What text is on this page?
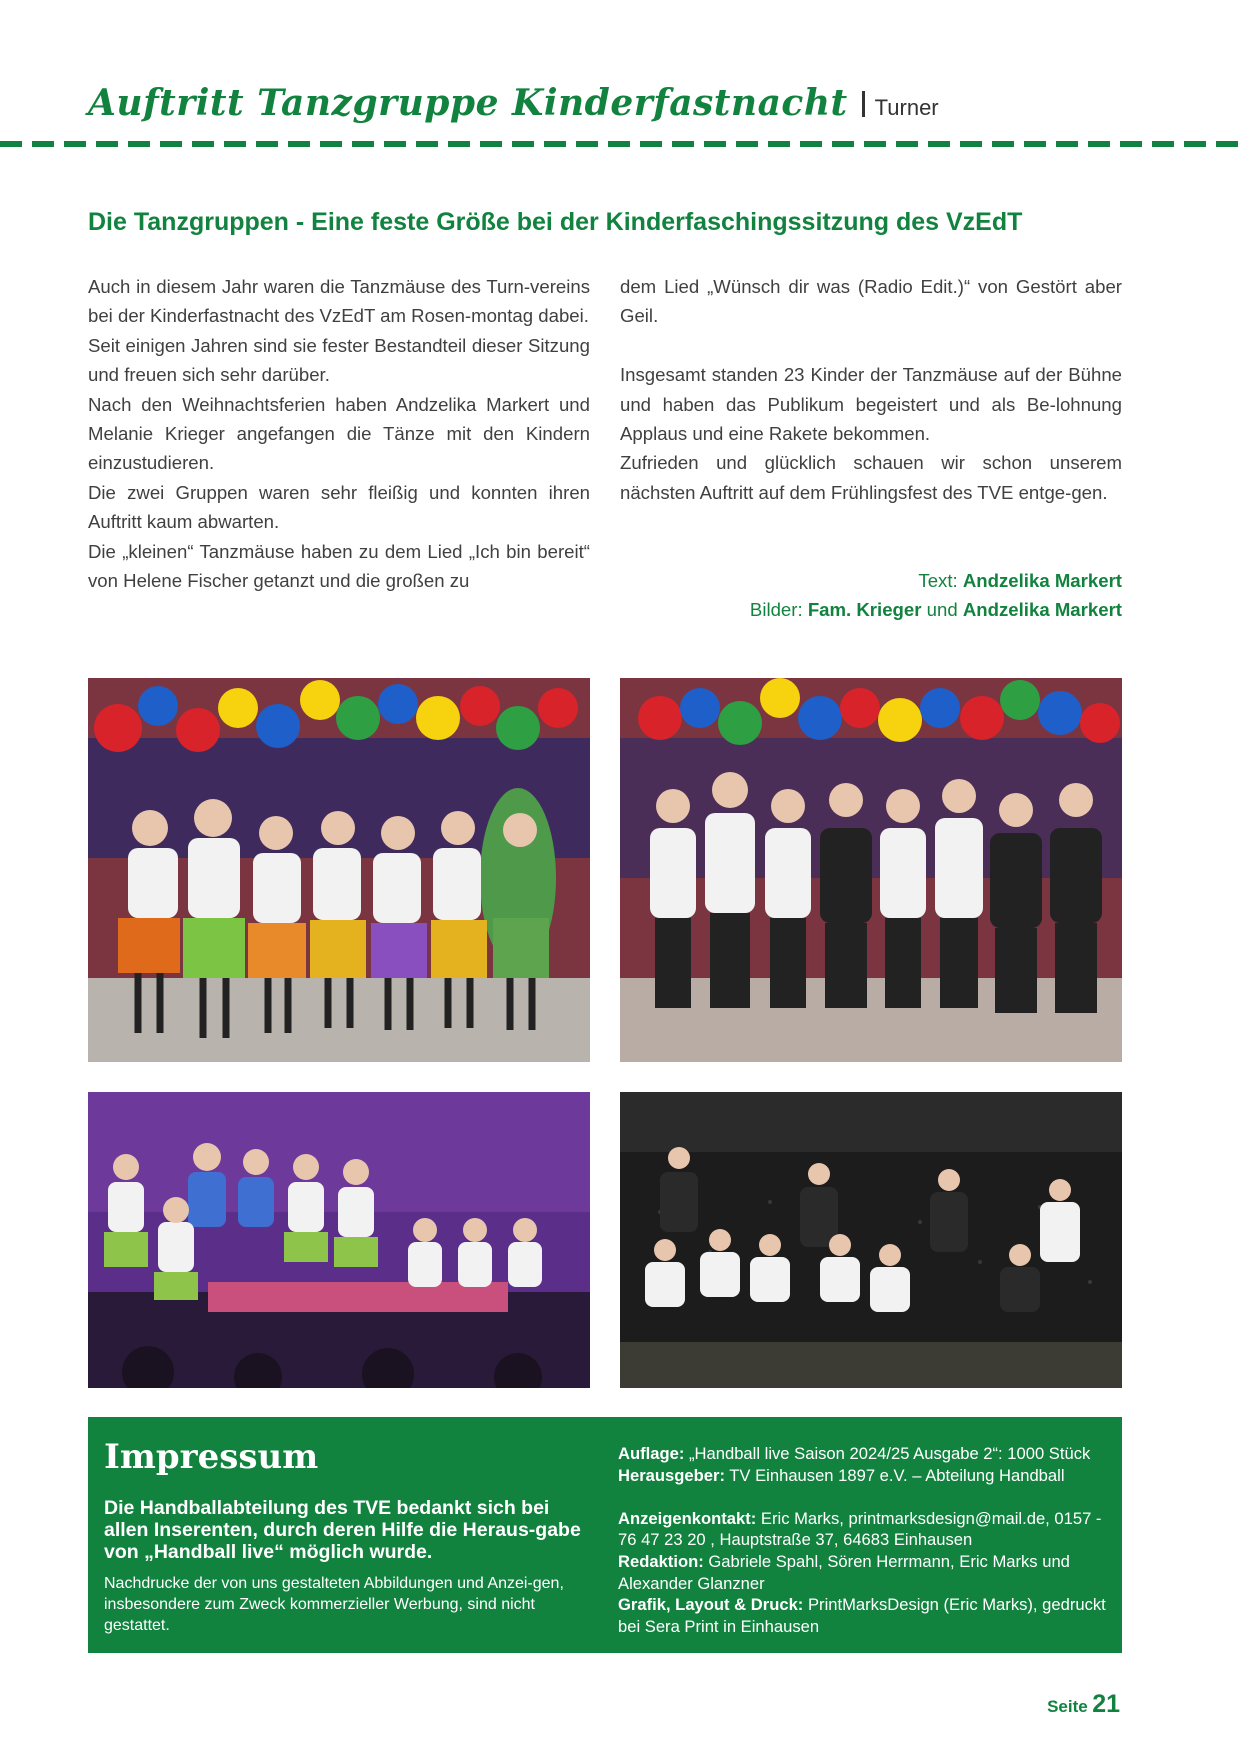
Auftritt Tanzgruppe Kinderfastnacht Turner
Die Tanzgruppen - Eine feste Größe bei der Kinderfaschingssitzung des VzEdT

Auch in diesem Jahr waren die Tanzmäuse des Turn-vereins bei der Kinderfastnacht des VzEdT am Rosen-montag dabei.

Seit einigen Jahren sind sie fester Bestandteil dieser Sitzung und freuen sich sehr darüber.

Nach den Weihnachtsferien haben Andzelika Markert und Melanie Krieger angefangen die Tänze mit den Kindern einzustudieren.

Die zwei Gruppen waren sehr fleißig und konnten ihren Auftritt kaum abwarten.

Die „kleinen“ Tanzmäuse haben zu dem Lied „Ich bin bereit“ von Helene Fischer getanzt und die großen zu

dem Lied „Wünsch dir was (Radio Edit.)“ von Gestört aber Geil.

Insgesamt standen 23 Kinder der Tanzmäuse auf der Bühne und haben das Publikum begeistert und als Be-lohnung Applaus und eine Rakete bekommen.

Zufrieden und glücklich schauen wir schon unserem nächsten Auftritt auf dem Frühlingsfest des TVE entge-gen.

Text: Andzelika Markert
Bilder: Fam. Krieger und Andzelika Markert
Impressum
Die Handballabteilung des TVE bedankt sich bei allen Inserenten, durch deren Hilfe die Heraus-gabe von „Handball live“ möglich wurde.
Nachdrucke der von uns gestalteten Abbildungen und Anzei-gen, insbesondere zum Zweck kommerzieller Werbung, sind nicht gestattet.
Auflage: „Handball live Saison 2024/25 Ausgabe 2“: 1000 Stück
Herausgeber: TV Einhausen 1897 e.V. – Abteilung Handball
Anzeigenkontakt: Eric Marks, printmarksdesign@mail.de, 0157 - 76 47 23 20 , Hauptstraße 37, 64683 Einhausen
Redaktion: Gabriele Spahl, Sören Herrmann, Eric Marks und Alexander Glanzner
Grafik, Layout & Druck: PrintMarksDesign (Eric Marks), gedruckt bei Sera Print in Einhausen
Seite 21
